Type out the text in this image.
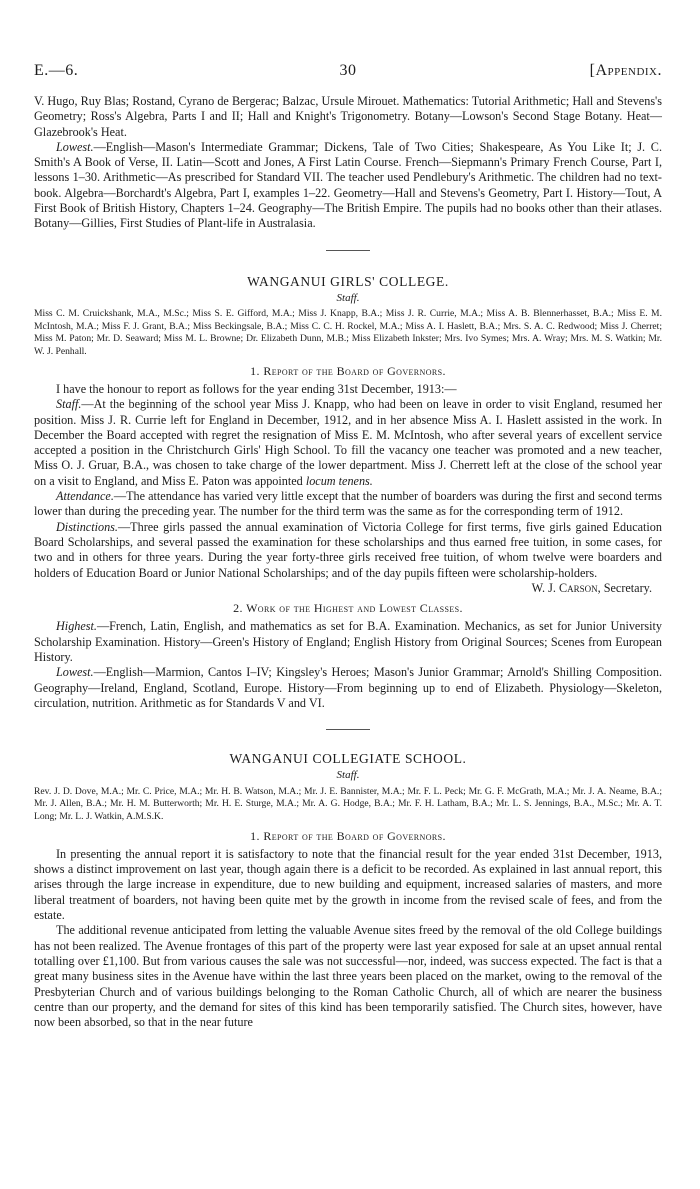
E.—6.	30	[Appendix.

V. Hugo, Ruy Blas; Rostand, Cyrano de Bergerac; Balzac, Ursule Mirouet. Mathematics: Tutorial Arithmetic; Hall and Stevens's Geometry; Ross's Algebra, Parts I and II; Hall and Knight's Trigonometry. Botany—Lowson's Second Stage Botany. Heat—Glazebrook's Heat.

Lowest.—English—Mason's Intermediate Grammar; Dickens, Tale of Two Cities; Shakespeare, As You Like It; J. C. Smith's A Book of Verse, II. Latin—Scott and Jones, A First Latin Course. French—Siepmann's Primary French Course, Part I, lessons 1–30. Arithmetic—As prescribed for Standard VII. The teacher used Pendlebury's Arithmetic. The children had no text-book. Algebra—Borchardt's Algebra, Part I, examples 1–22. Geometry—Hall and Stevens's Geometry, Part I. History—Tout, A First Book of British History, Chapters 1–24. Geography—The British Empire. The pupils had no books other than their atlases. Botany—Gillies, First Studies of Plant-life in Australasia.

WANGANUI GIRLS' COLLEGE.

Staff.

Miss C. M. Cruickshank, M.A., M.Sc.; Miss S. E. Gifford, M.A.; Miss J. Knapp, B.A.; Miss J. R. Currie, M.A.; Miss A. B. Blennerhasset, B.A.; Miss E. M. McIntosh, M.A.; Miss F. J. Grant, B.A.; Miss Beckingsale, B.A.; Miss C. C. H. Rockel, M.A.; Miss A. I. Haslett, B.A.; Mrs. S. A. C. Redwood; Miss J. Cherret; Miss M. Paton; Mr. D. Seaward; Miss M. L. Browne; Dr. Elizabeth Dunn, M.B.; Miss Elizabeth Inkster; Mrs. Ivo Symes; Mrs. A. Wray; Mrs. M. S. Watkin; Mr. W. J. Penhall.

1. Report of the Board of Governors.

I have the honour to report as follows for the year ending 31st December, 1913:—

Staff.—At the beginning of the school year Miss J. Knapp, who had been on leave in order to visit England, resumed her position. Miss J. R. Currie left for England in December, 1912, and in her absence Miss A. I. Haslett assisted in the work. In December the Board accepted with regret the resignation of Miss E. M. McIntosh, who after several years of excellent service accepted a position in the Christchurch Girls' High School. To fill the vacancy one teacher was promoted and a new teacher, Miss O. J. Gruar, B.A., was chosen to take charge of the lower department. Miss J. Cherrett left at the close of the school year on a visit to England, and Miss E. Paton was appointed locum tenens.

Attendance.—The attendance has varied very little except that the number of boarders was during the first and second terms lower than during the preceding year. The number for the third term was the same as for the corresponding term of 1912.

Distinctions.—Three girls passed the annual examination of Victoria College for first terms, five girls gained Education Board Scholarships, and several passed the examination for these scholarships and thus earned free tuition, in some cases, for two and in others for three years. During the year forty-three girls received free tuition, of whom twelve were boarders and holders of Education Board or Junior National Scholarships; and of the day pupils fifteen were scholarship-holders.

W. J. Carson, Secretary.

2. Work of the Highest and Lowest Classes.

Highest.—French, Latin, English, and mathematics as set for B.A. Examination. Mechanics, as set for Junior University Scholarship Examination. History—Green's History of England; English History from Original Sources; Scenes from European History.

Lowest.—English—Marmion, Cantos I–IV; Kingsley's Heroes; Mason's Junior Grammar; Arnold's Shilling Composition. Geography—Ireland, England, Scotland, Europe. History—From beginning up to end of Elizabeth. Physiology—Skeleton, circulation, nutrition. Arithmetic as for Standards V and VI.

WANGANUI COLLEGIATE SCHOOL.

Staff.

Rev. J. D. Dove, M.A.; Mr. C. Price, M.A.; Mr. H. B. Watson, M.A.; Mr. J. E. Bannister, M.A.; Mr. F. L. Peck; Mr. G. F. McGrath, M.A.; Mr. J. A. Neame, B.A.; Mr. J. Allen, B.A.; Mr. H. M. Butterworth; Mr. H. E. Sturge, M.A.; Mr. A. G. Hodge, B.A.; Mr. F. H. Latham, B.A.; Mr. L. S. Jennings, B.A., M.Sc.; Mr. A. T. Long; Mr. L. J. Watkin, A.M.S.K.

1. Report of the Board of Governors.

In presenting the annual report it is satisfactory to note that the financial result for the year ended 31st December, 1913, shows a distinct improvement on last year, though again there is a deficit to be recorded. As explained in last annual report, this arises through the large increase in expenditure, due to new building and equipment, increased salaries of masters, and more liberal treatment of boarders, not having been quite met by the growth in income from the revised scale of fees, and from the estate.

The additional revenue anticipated from letting the valuable Avenue sites freed by the removal of the old College buildings has not been realized. The Avenue frontages of this part of the property were last year exposed for sale at an upset annual rental totalling over £1,100. But from various causes the sale was not successful—nor, indeed, was success expected. The fact is that a great many business sites in the Avenue have within the last three years been placed on the market, owing to the removal of the Presbyterian Church and of various buildings belonging to the Roman Catholic Church, all of which are nearer the business centre than our property, and the demand for sites of this kind has been temporarily satisfied. The Church sites, however, have now been absorbed, so that in the near future
